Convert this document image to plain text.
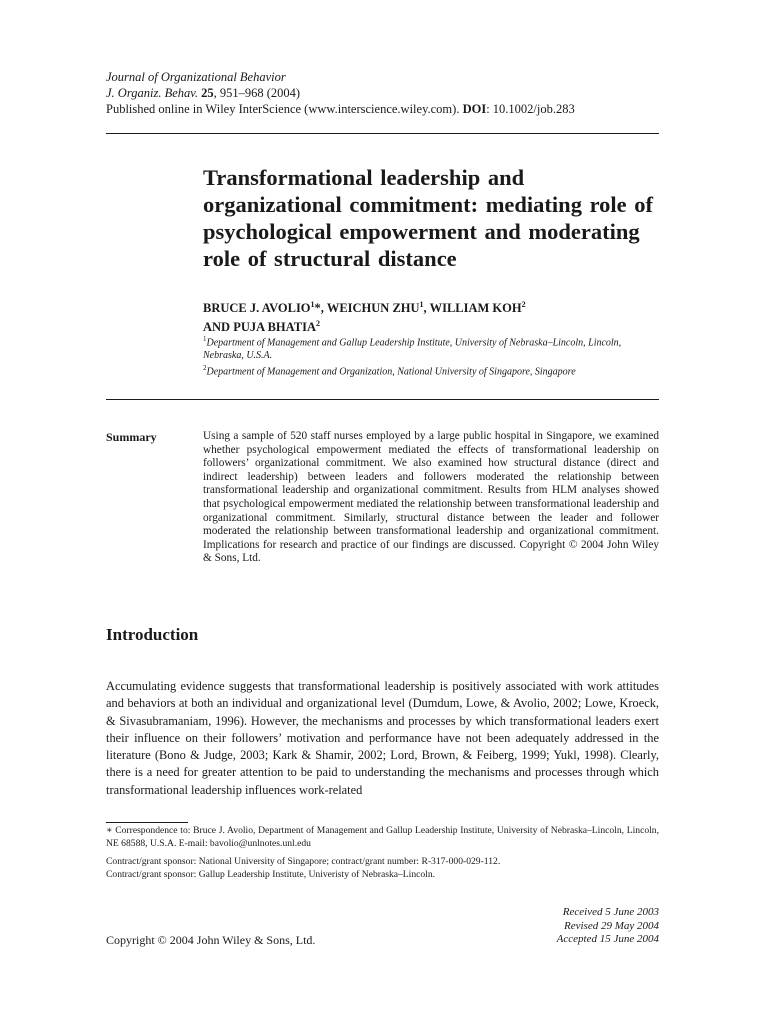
Journal of Organizational Behavior
J. Organiz. Behav. 25, 951–968 (2004)
Published online in Wiley InterScience (www.interscience.wiley.com). DOI: 10.1002/job.283
Transformational leadership and organizational commitment: mediating role of psychological empowerment and moderating role of structural distance
BRUCE J. AVOLIO$^1$*, WEICHUN ZHU$^1$, WILLIAM KOH$^2$
AND PUJA BHATIA$^2$
$^1$Department of Management and Gallup Leadership Institute, University of Nebraska–Lincoln, Lincoln, Nebraska, U.S.A.
$^2$Department of Management and Organization, National University of Singapore, Singapore
Summary	Using a sample of 520 staff nurses employed by a large public hospital in Singapore, we examined whether psychological empowerment mediated the effects of transformational leadership on followers’ organizational commitment. We also examined how structural distance (direct and indirect leadership) between leaders and followers moderated the relationship between transformational leadership and organizational commitment. Results from HLM analyses showed that psychological empowerment mediated the relationship between transformational leadership and organizational commitment. Similarly, structural distance between the leader and follower moderated the relationship between transformational leadership and organizational commitment. Implications for research and practice of our findings are discussed. Copyright © 2004 John Wiley & Sons, Ltd.
Introduction

Accumulating evidence suggests that transformational leadership is positively associated with work attitudes and behaviors at both an individual and organizational level (Dumdum, Lowe, & Avolio, 2002; Lowe, Kroeck, & Sivasubramaniam, 1996). However, the mechanisms and processes by which transformational leaders exert their influence on their followers’ motivation and performance have not been adequately addressed in the literature (Bono & Judge, 2003; Kark & Shamir, 2002; Lord, Brown, & Feiberg, 1999; Yukl, 1998). Clearly, there is a need for greater attention to be paid to understanding the mechanisms and processes through which transformational leadership influences work-related

∗ Correspondence to: Bruce J. Avolio, Department of Management and Gallup Leadership Institute, University of Nebraska–Lincoln, Lincoln, NE 68588, U.S.A. E-mail: bavolio@unlnotes.unl.edu

Contract/grant sponsor: National University of Singapore; contract/grant number: R-317-000-029-112.

Contract/grant sponsor: Gallup Leadership Institute, Univeristy of Nebraska–Lincoln.

Received 5 June 2003
Revised 29 May 2004
Accepted 15 June 2004
Copyright © 2004 John Wiley & Sons, Ltd.
